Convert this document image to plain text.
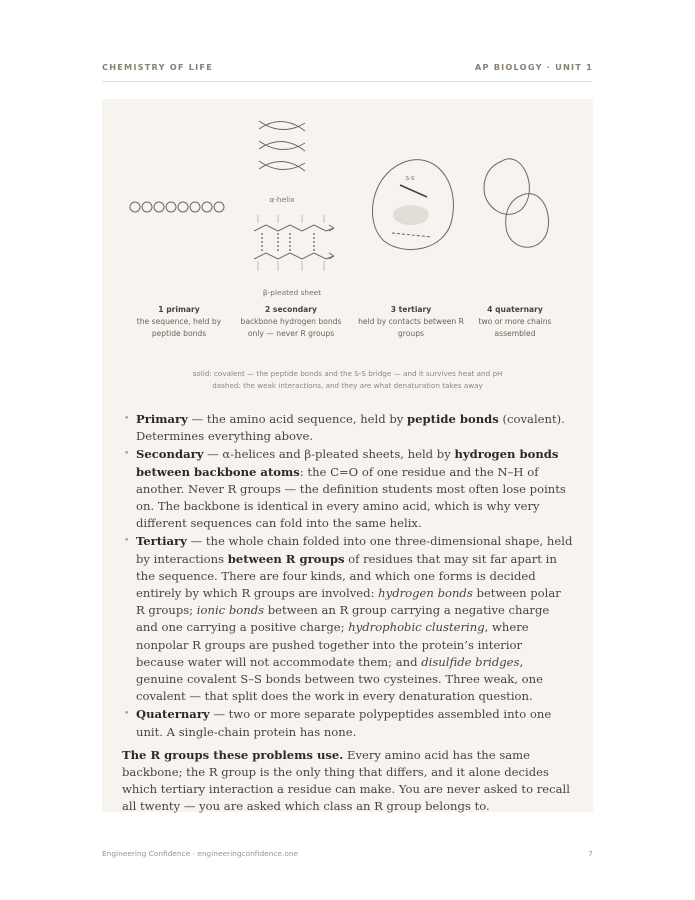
CHEMISTRY OF LIFE	AP BIOLOGY · UNIT 1
α-helix
β-pleated sheet
S-S
1 primary
the sequence, held by peptide bonds
2 secondary
backbone hydrogen bonds only — never R groups
3 tertiary
held by contacts between R groups
4 quaternary
two or more chains assembled
solid: covalent — the peptide bonds and the S-S bridge — and it survives heat and pH
dashed: the weak interactions, and they are what denaturation takes away
• Primary — the amino acid sequence, held by peptide bonds (covalent). Determines everything above.
• Secondary — α-helices and β-pleated sheets, held by hydrogen bonds between backbone atoms: the C=O of one residue and the N–H of another. Never R groups — the definition students most often lose points on. The backbone is identical in every amino acid, which is why very different sequences can fold into the same helix.
• Tertiary — the whole chain folded into one three-dimensional shape, held by interactions between R groups of residues that may sit far apart in the sequence. There are four kinds, and which one forms is decided entirely by which R groups are involved: hydrogen bonds between polar R groups; ionic bonds between an R group carrying a negative charge and one carrying a positive charge; hydrophobic clustering, where nonpolar R groups are pushed together into the protein’s interior because water will not accommodate them; and disulfide bridges, genuine covalent S–S bonds between two cysteines. Three weak, one covalent — that split does the work in every denaturation question.
• Quaternary — two or more separate polypeptides assembled into one unit. A single-chain protein has none.

The R groups these problems use. Every amino acid has the same backbone; the R group is the only thing that differs, and it alone decides which tertiary interaction a residue can make. You are never asked to recall all twenty — you are asked which class an R group belongs to.

Engineering Confidence · engineeringconfidence.one	7
